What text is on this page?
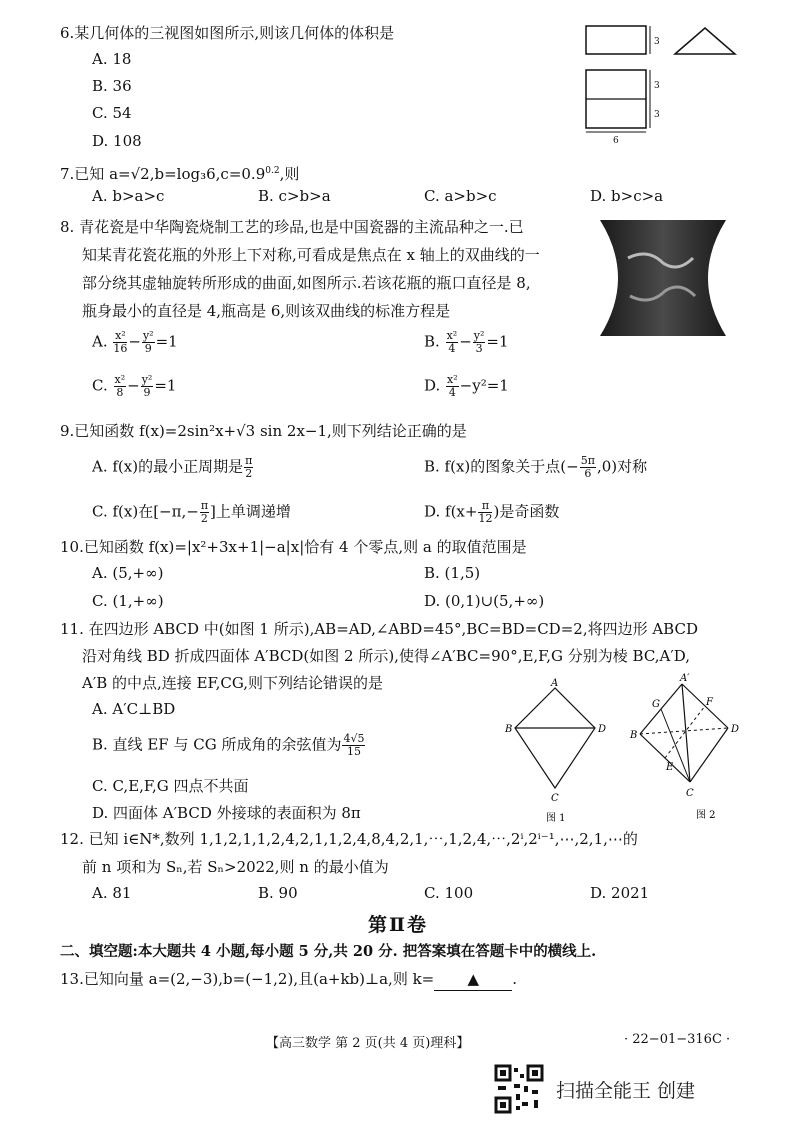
6.某几何体的三视图如图所示,则该几何体的体积是
A. 18
B. 36
C. 54
D. 108
3
3
3
6
7.已知 $a=√2,b=\log_36,c=0.9^{0.2}$,则
A. b>a>c	B. c>b>a	C. a>b>c	D. b>c>a
8. 青花瓷是中华陶瓷烧制工艺的珍品,也是中国瓷器的主流品种之一.已
知某青花瓷花瓶的外形上下对称,可看成是焦点在 x 轴上的双曲线的一
部分绕其虚轴旋转所形成的曲面,如图所示.若该花瓶的瓶口直径是 8,
瓶身最小的直径是 4,瓶高是 6,则该双曲线的标准方程是
A. $\frac{\text{x²}}{16} - \frac{\text{y²}}{9} =1$	B. $\frac{\text{x²}}{4} - \frac{\text{y²}}{3} =1$
C. $\frac{\text{x²}}{8} - \frac{\text{y²}}{9} =1$	D. $\frac{\text{x²}}{4} -y^2=1$
9.已知函数 f(x)=2sin²x+√3 sin 2x−1,则下列结论正确的是
A. f(x)的最小正周期是 $\frac{\pi}{2}$	B. f(x)的图象关于点(− $\frac{5\pi}{6} ,0$)对称
C. f(x)在[$-\pi,- \frac{\pi}{2}$ ]上单调递增	D. $f(x+ \frac{\pi}{12}$ )是奇函数
10.已知函数 f(x)=|x²+3x+1|−a|x|恰有 4 个零点,则 a 的取值范围是
A. (5,+∞)	B. (1,5)
C. (1,+∞)	D. (0,1)∪(5,+∞)
11. 在四边形 ABCD 中(如图 1 所示),AB=AD,∠ABD=45°,BC=BD=CD=2,将四边形 ABCD
沿对角线 BD 折成四面体 A′BCD(如图 2 所示),使得∠A′BC=90°,E,F,G 分别为棱 BC,A′D,
A′B 的中点,连接 EF,CG,则下列结论错误的是
A. A′C⊥BD
B. 直线 EF 与 CG 所成角的余弦值为 $\frac{4√5}{15}$
C. C,E,F,G 四点不共面
D. 四面体 A′BCD 外接球的表面积为 8π
A
B	D
C
图 1
A′
B
D
C
E
F
G
图 2
12. 已知 i∈N*,数列 1,1,2,1,1,2,4,2,1,1,2,4,8,4,2,1,⋯,1,2,4,⋯,2ⁱ,2ⁱ⁻¹,⋯,2,1,⋯的
前 n 项和为 Sₙ,若 Sₙ>2022,则 n 的最小值为
A. 81	B. 90	C. 100	D. 2021
第Ⅱ卷
二、填空题:本大题共 4 小题,每小题 5 分,共 20 分. 把答案填在答题卡中的横线上.
13.已知向量 a=(2,−3),b=(−1,2),且(a+kb)⊥a,则 k= ▲ .
【高三数学 第 2 页(共 4 页)理科】	· 22−01−316C ·
扫描全能王 创建
